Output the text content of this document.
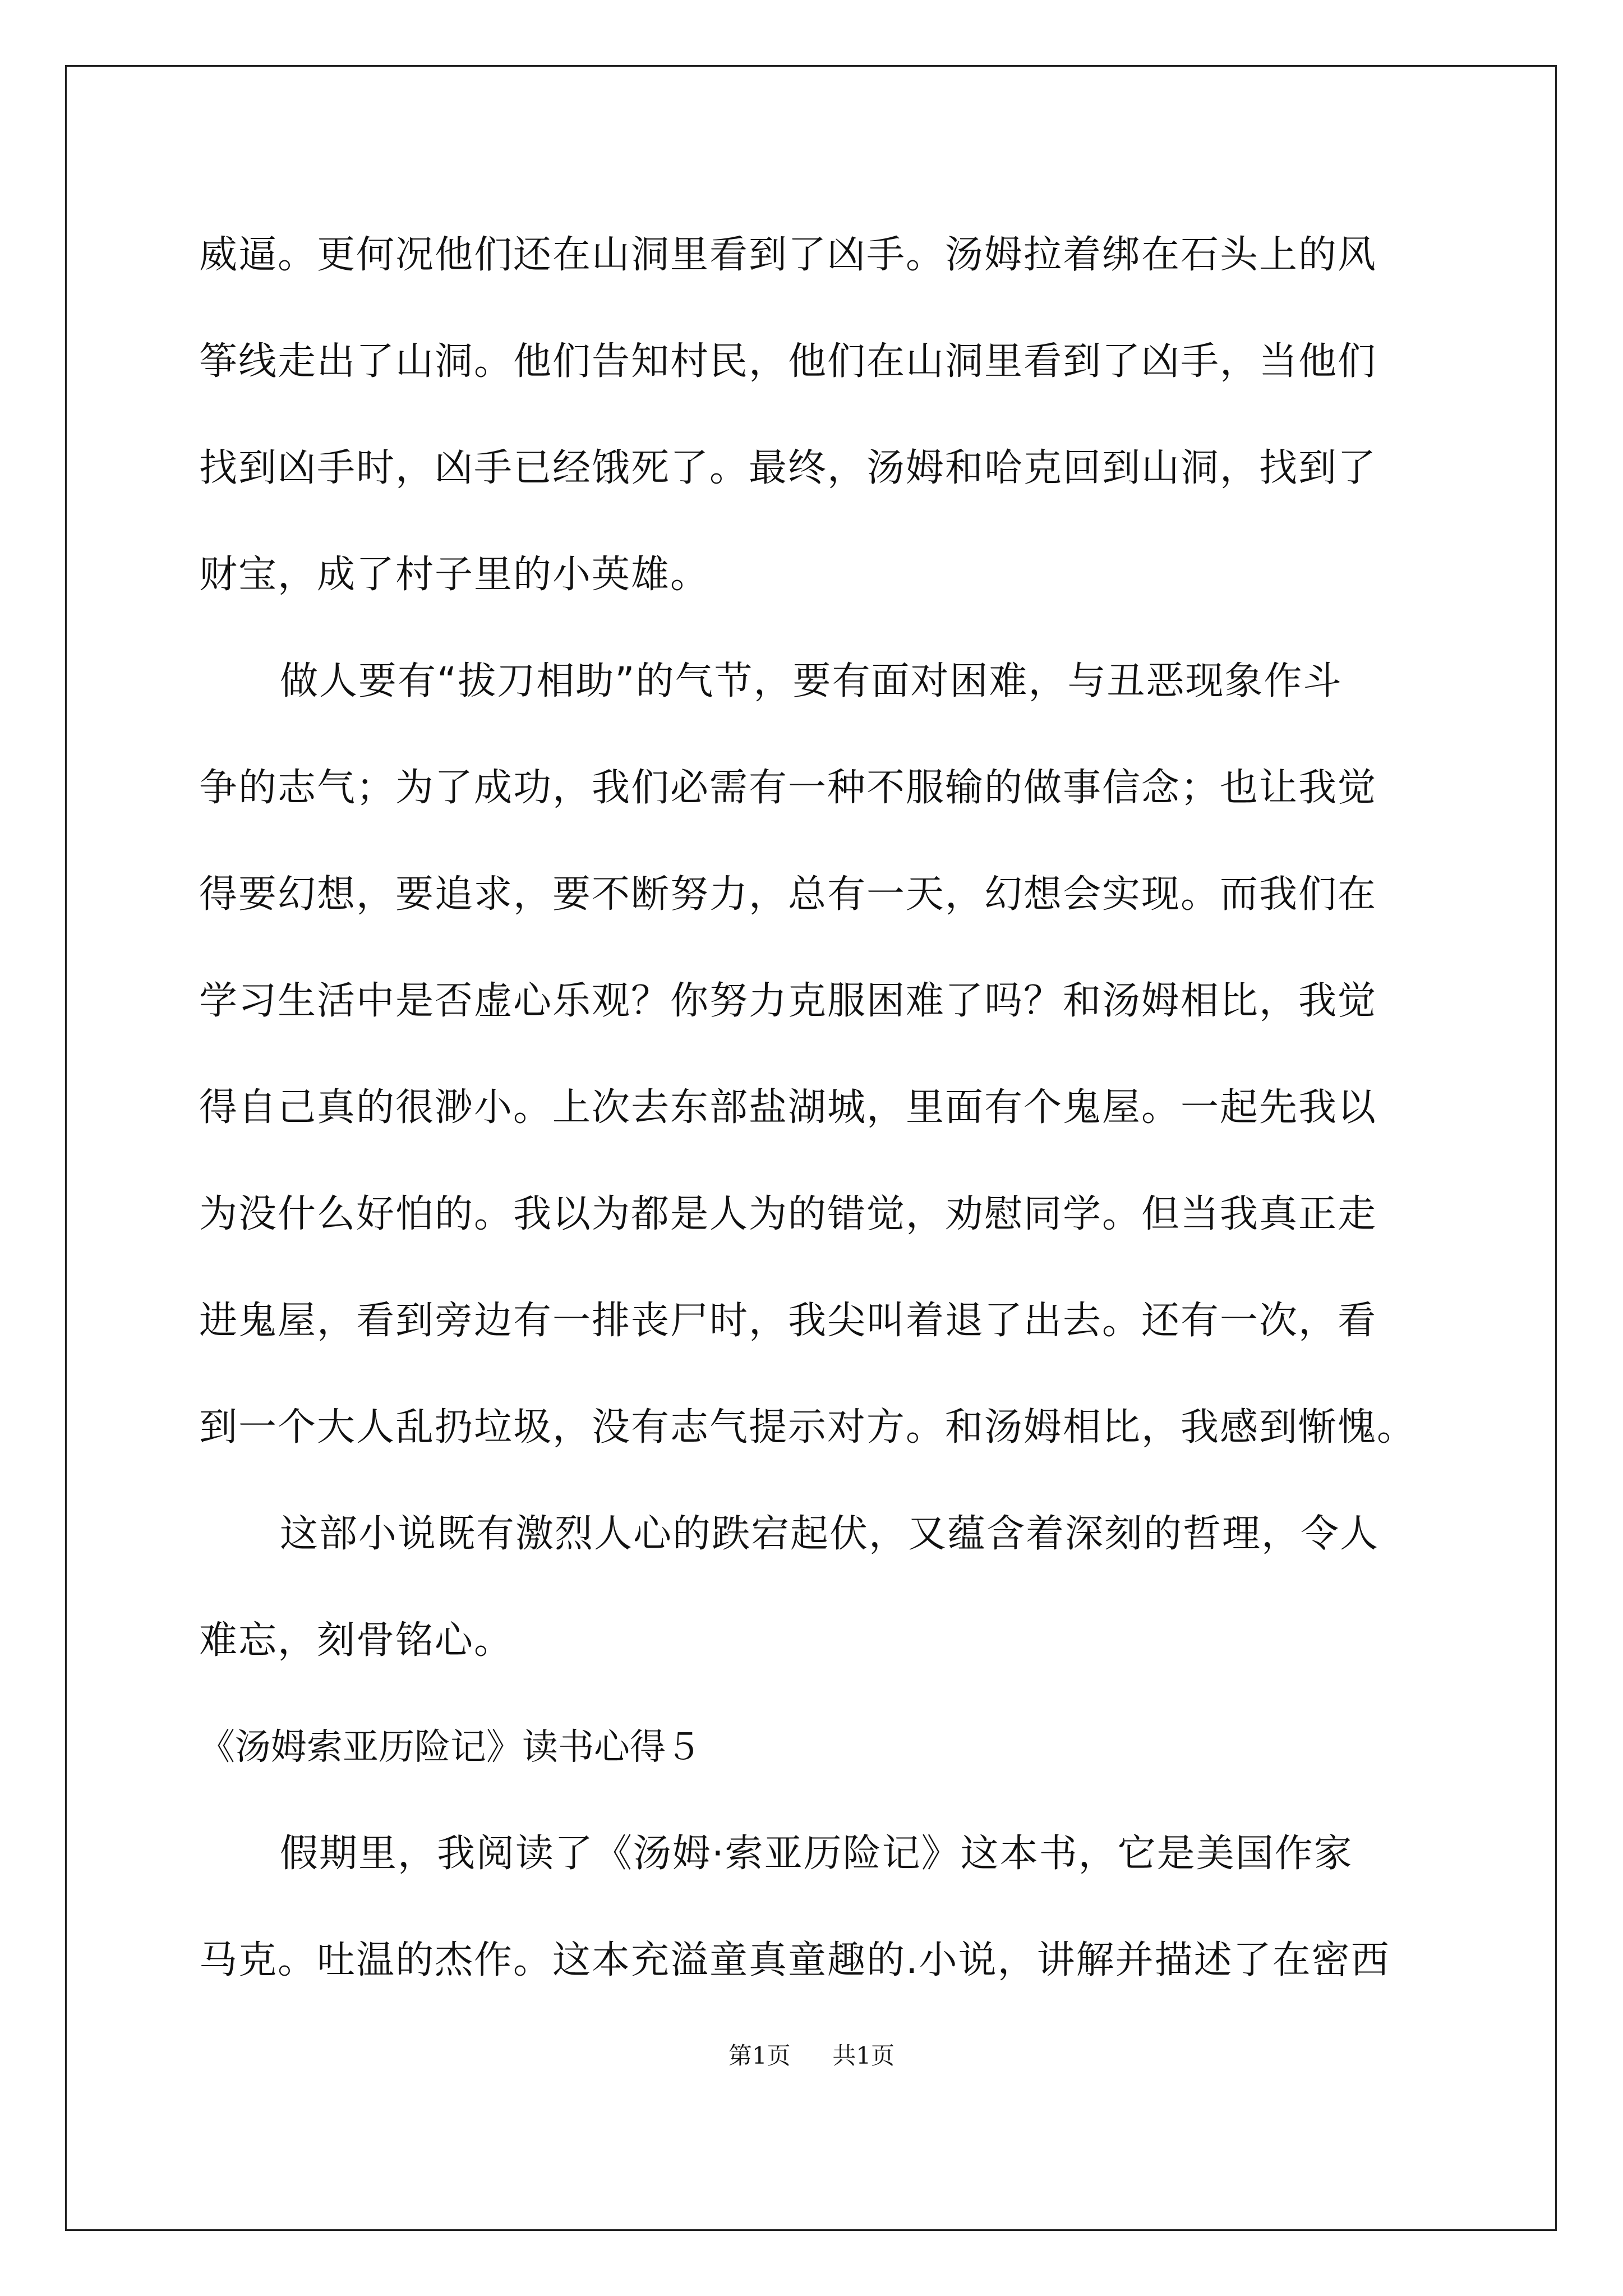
威逼。更何况他们还在山洞里看到了凶手。汤姆拉着绑在石头上的风
筝线走出了山洞。他们告知村民，他们在山洞里看到了凶手，当他们
找到凶手时，凶手已经饿死了。最终，汤姆和哈克回到山洞，找到了
财宝，成了村子里的小英雄。
做人要有“拔刀相助”的气节，要有面对困难，与丑恶现象作斗
争的志气；为了成功，我们必需有一种不服输的做事信念；也让我觉
得要幻想，要追求，要不断努力，总有一天，幻想会实现。而我们在
学习生活中是否虚心乐观？你努力克服困难了吗？和汤姆相比，我觉
得自己真的很渺小。上次去东部盐湖城，里面有个鬼屋。一起先我以
为没什么好怕的。我以为都是人为的错觉，劝慰同学。但当我真正走
进鬼屋，看到旁边有一排丧尸时，我尖叫着退了出去。还有一次，看
到一个大人乱扔垃圾，没有志气提示对方。和汤姆相比，我感到惭愧。
这部小说既有激烈人心的跌宕起伏，又蕴含着深刻的哲理，令人
难忘，刻骨铭心。
《汤姆索亚历险记》读书心得５
假期里，我阅读了《汤姆·索亚历险记》这本书，它是美国作家
马克。吐温的杰作。这本充溢童真童趣的.小说，讲解并描述了在密西
第1页 共1页
